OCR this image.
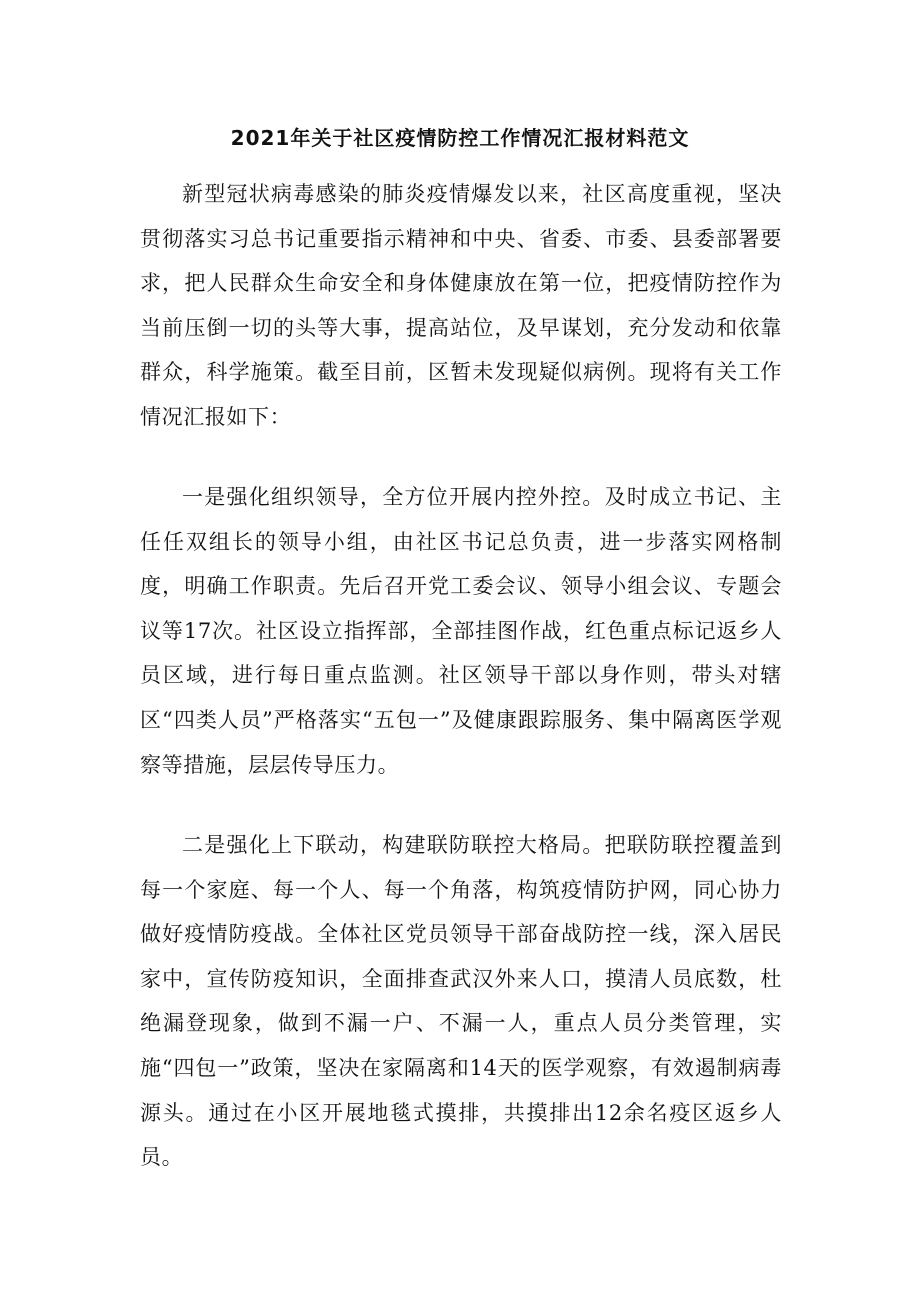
2021年关于社区疫情防控工作情况汇报材料范文

新型冠状病毒感染的肺炎疫情爆发以来，社区高度重视，坚决贯彻落实习总书记重要指示精神和中央、省委、市委、县委部署要求，把人民群众生命安全和身体健康放在第一位，把疫情防控作为当前压倒一切的头等大事，提高站位，及早谋划，充分发动和依靠群众，科学施策。截至目前，区暂未发现疑似病例。现将有关工作情况汇报如下：

一是强化组织领导，全方位开展内控外控。及时成立书记、主任任双组长的领导小组，由社区书记总负责，进一步落实网格制度，明确工作职责。先后召开党工委会议、领导小组会议、专题会议等17次。社区设立指挥部，全部挂图作战，红色重点标记返乡人员区域，进行每日重点监测。社区领导干部以身作则，带头对辖区“四类人员”严格落实“五包一”及健康跟踪服务、集中隔离医学观察等措施，层层传导压力。

二是强化上下联动，构建联防联控大格局。把联防联控覆盖到每一个家庭、每一个人、每一个角落，构筑疫情防护网，同心协力做好疫情防疫战。全体社区党员领导干部奋战防控一线，深入居民家中，宣传防疫知识，全面排查武汉外来人口，摸清人员底数，杜绝漏登现象，做到不漏一户、不漏一人，重点人员分类管理，实施“四包一”政策，坚决在家隔离和14天的医学观察，有效遏制病毒源头。通过在小区开展地毯式摸排，共摸排出12余名疫区返乡人员。
